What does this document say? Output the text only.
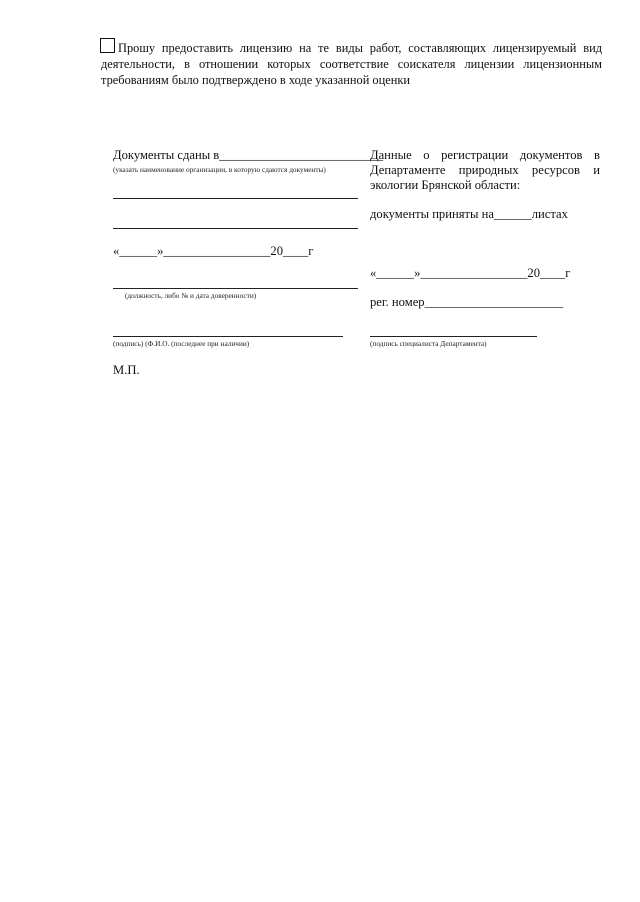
Прошу предоставить лицензию на те виды работ, составляющих лицензируемый вид деятельности, в отношении которых соответствие соискателя лицензии лицензионным требованиям было подтверждено в ходе указанной оценки
Документы сданы в__________________________
(указать наименование организации, в которую сдаются документы)
«______»_________________20____г
(должность, либо № и дата доверенности)
(подпись) (Ф.И.О. (последнее при наличии)
М.П.
Данные о регистрации документов в Департаменте природных ресурсов и экологии Брянской области:
документы приняты на______листах
«______»_________________20____г
рег. номер______________________
(подпись специалиста Департамента)
